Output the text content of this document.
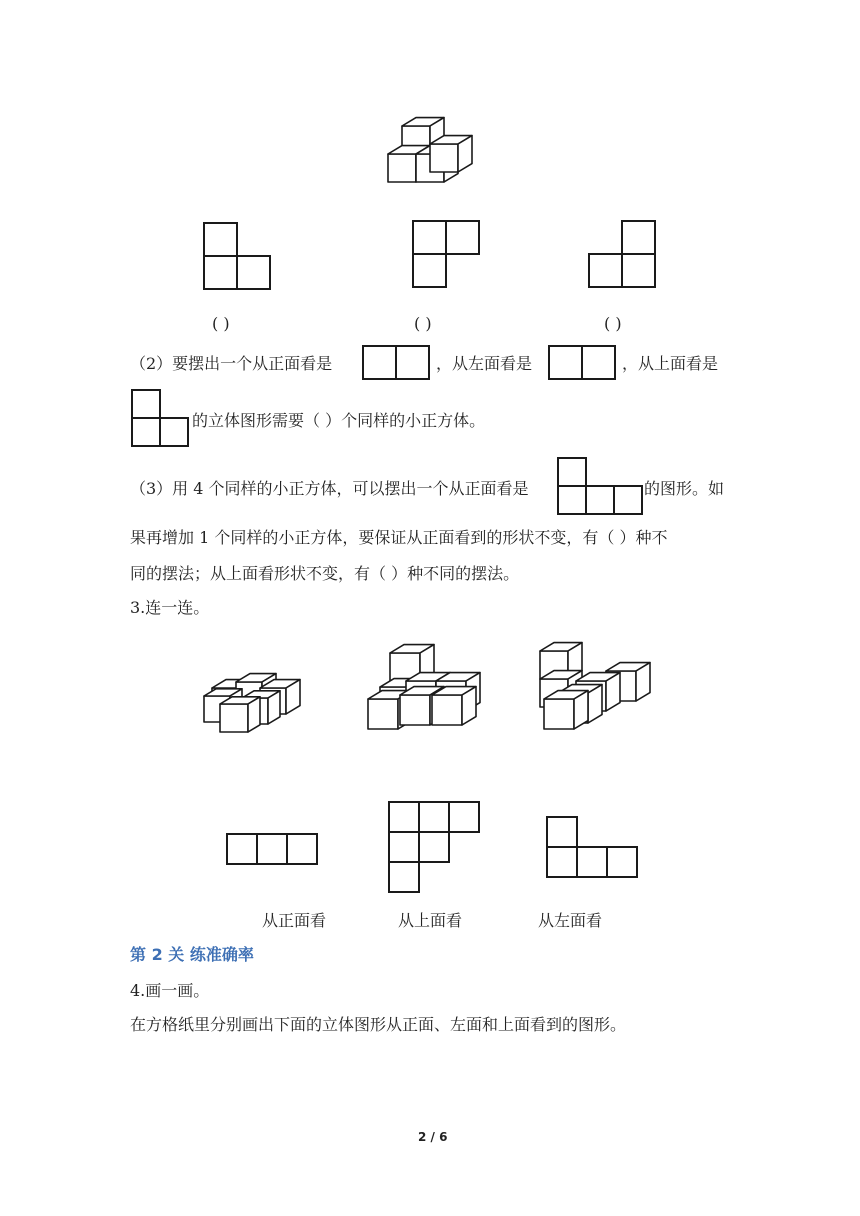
( )	( )	( )
（2）要摆出一个从正面看是	，从左面看是	，从上面看是
的立体图形需要（ ）个同样的小正方体。
（3）用 4 个同样的小正方体，可以摆出一个从正面看是	的图形。如
果再增加 1 个同样的小正方体，要保证从正面看到的形状不变，有（ ）种不
同的摆法；从上面看形状不变，有（ ）种不同的摆法。
3.连一连。
从正面看	从上面看	从左面看
第 2 关 练准确率
4.画一画。
在方格纸里分别画出下面的立体图形从正面、左面和上面看到的图形。
2 / 6
